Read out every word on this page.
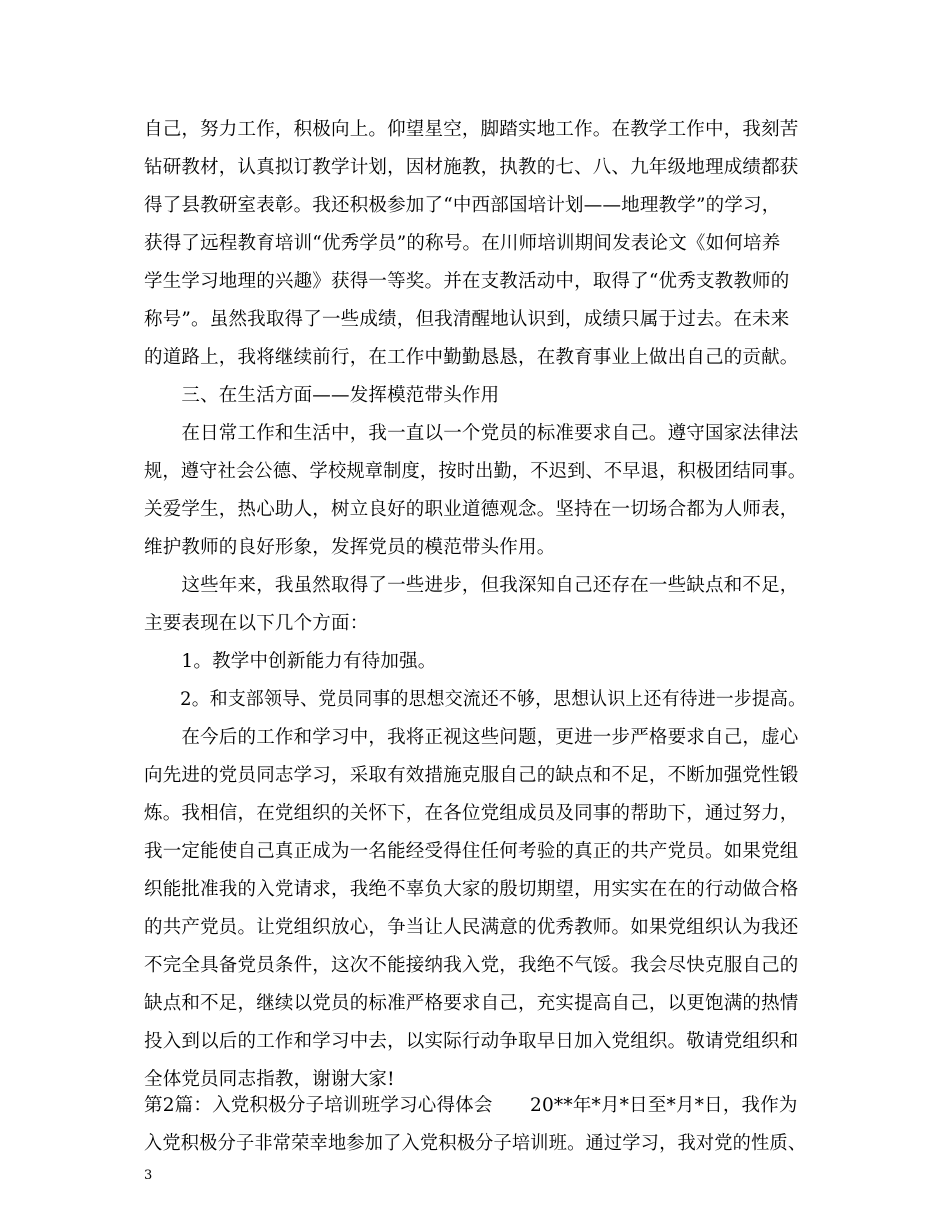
自己，努力工作，积极向上。仰望星空，脚踏实地工作。在教学工作中，我刻苦
钻研教材，认真拟订教学计划，因材施教，执教的七、八、九年级地理成绩都获
得了县教研室表彰。我还积极参加了“中西部国培计划——地理教学”的学习，
获得了远程教育培训“优秀学员”的称号。在川师培训期间发表论文《如何培养
学生学习地理的兴趣》获得一等奖。并在支教活动中，取得了“优秀支教教师的
称号”。虽然我取得了一些成绩，但我清醒地认识到，成绩只属于过去。在未来
的道路上，我将继续前行，在工作中勤勤恳恳，在教育事业上做出自己的贡献。
　　三、在生活方面——发挥模范带头作用
　　在日常工作和生活中，我一直以一个党员的标准要求自己。遵守国家法律法
规，遵守社会公德、学校规章制度，按时出勤，不迟到、不早退，积极团结同事。
关爱学生，热心助人，树立良好的职业道德观念。坚持在一切场合都为人师表，
维护教师的良好形象，发挥党员的模范带头作用。
　　这些年来，我虽然取得了一些进步，但我深知自己还存在一些缺点和不足，
主要表现在以下几个方面：
　　1。教学中创新能力有待加强。
　　2。和支部领导、党员同事的思想交流还不够，思想认识上还有待进一步提高。
　　在今后的工作和学习中，我将正视这些问题，更进一步严格要求自己，虚心
向先进的党员同志学习，采取有效措施克服自己的缺点和不足，不断加强党性锻
炼。我相信，在党组织的关怀下，在各位党组成员及同事的帮助下，通过努力，
我一定能使自己真正成为一名能经受得住任何考验的真正的共产党员。如果党组
织能批准我的入党请求，我绝不辜负大家的殷切期望，用实实在在的行动做合格
的共产党员。让党组织放心，争当让人民满意的优秀教师。如果党组织认为我还
不完全具备党员条件，这次不能接纳我入党，我绝不气馁。我会尽快克服自己的
缺点和不足，继续以党员的标准严格要求自己，充实提高自己，以更饱满的热情
投入到以后的工作和学习中去，以实际行动争取早日加入党组织。敬请党组织和
全体党员同志指教，谢谢大家!
第2篇：入党积极分子培训班学习心得体会　　20**年*月*日至*月*日，我作为
入党积极分子非常荣幸地参加了入党积极分子培训班。通过学习，我对党的性质、
3
